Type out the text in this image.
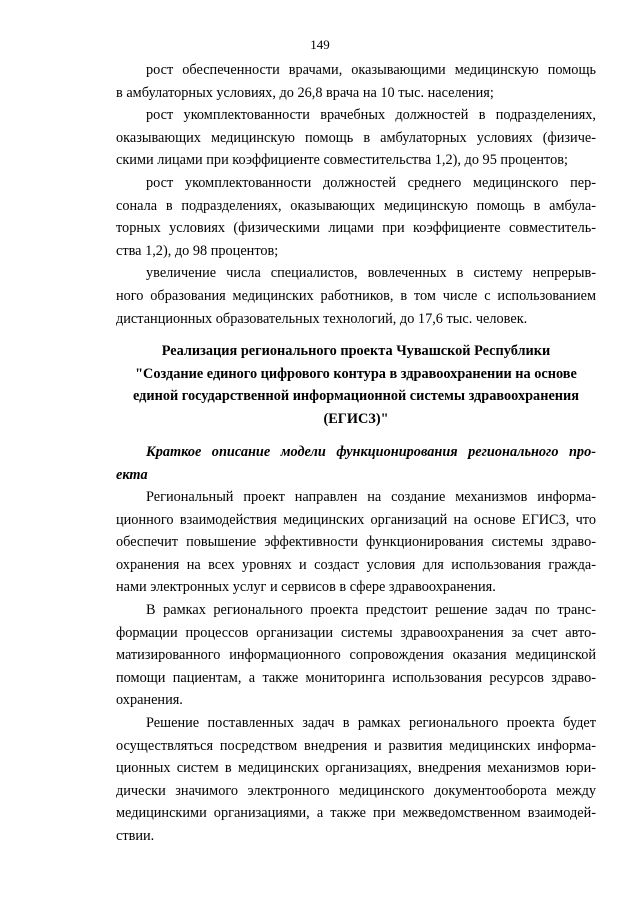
149
рост обеспеченности врачами, оказывающими медицинскую помощь
в амбулаторных условиях, до 26,8 врача на 10 тыс. населения;
рост укомплектованности врачебных должностей в подразделениях,
оказывающих медицинскую помощь в амбулаторных условиях (физиче-
скими лицами при коэффициенте совместительства 1,2), до 95 процентов;
рост укомплектованности должностей среднего медицинского пер-
сонала в подразделениях, оказывающих медицинскую помощь в амбула-
торных условиях (физическими лицами при коэффициенте совместитель-
ства 1,2), до 98 процентов;
увеличение числа специалистов, вовлеченных в систему непрерыв-
ного образования медицинских работников, в том числе с использованием
дистанционных образовательных технологий, до 17,6 тыс. человек.
Реализация регионального проекта Чувашской Республики
"Создание единого цифрового контура в здравоохранении на основе
единой государственной информационной системы здравоохранения
(ЕГИСЗ)"
Краткое описание модели функционирования регионального про-
екта
Региональный проект направлен на создание механизмов информа-
ционного взаимодействия медицинских организаций на основе ЕГИСЗ, что
обеспечит повышение эффективности функционирования системы здраво-
охранения на всех уровнях и создаст условия для использования гражда-
нами электронных услуг и сервисов в сфере здравоохранения.
В рамках регионального проекта предстоит решение задач по транс-
формации процессов организации системы здравоохранения за счет авто-
матизированного информационного сопровождения оказания медицинской
помощи пациентам, а также мониторинга использования ресурсов здраво-
охранения.
Решение поставленных задач в рамках регионального проекта будет
осуществляться посредством внедрения и развития медицинских информа-
ционных систем в медицинских организациях, внедрения механизмов юри-
дически значимого электронного медицинского документооборота между
медицинскими организациями, а также при межведомственном взаимодей-
ствии.
